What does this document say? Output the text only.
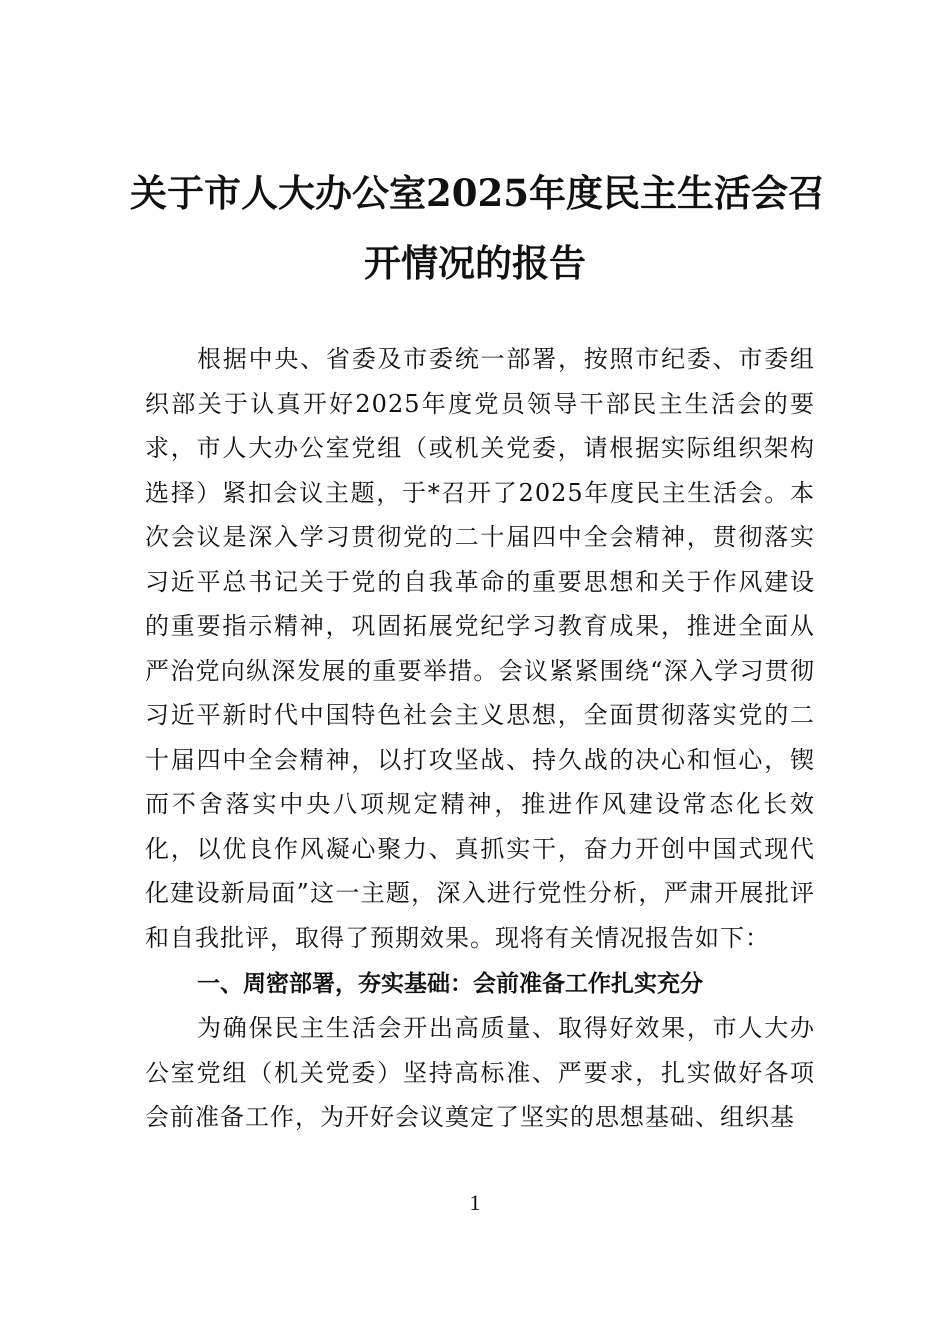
关于市人大办公室2025年度民主生活会召
开情况的报告

根据中央、省委及市委统一部署，按照市纪委、市委组织部关于认真开好2025年度党员领导干部民主生活会的要求，市人大办公室党组（或机关党委，请根据实际组织架构选择）紧扣会议主题，于*召开了2025年度民主生活会。本次会议是深入学习贯彻党的二十届四中全会精神，贯彻落实习近平总书记关于党的自我革命的重要思想和关于作风建设的重要指示精神，巩固拓展党纪学习教育成果，推进全面从严治党向纵深发展的重要举措。会议紧紧围绕“深入学习贯彻习近平新时代中国特色社会主义思想，全面贯彻落实党的二十届四中全会精神，以打攻坚战、持久战的决心和恒心，锲而不舍落实中央八项规定精神，推进作风建设常态化长效化，以优良作风凝心聚力、真抓实干，奋力开创中国式现代化建设新局面”这一主题，深入进行党性分析，严肃开展批评和自我批评，取得了预期效果。现将有关情况报告如下：

一、周密部署，夯实基础：会前准备工作扎实充分

为确保民主生活会开出高质量、取得好效果，市人大办公室党组（机关党委）坚持高标准、严要求，扎实做好各项会前准备工作，为开好会议奠定了坚实的思想基础、组织基

1
